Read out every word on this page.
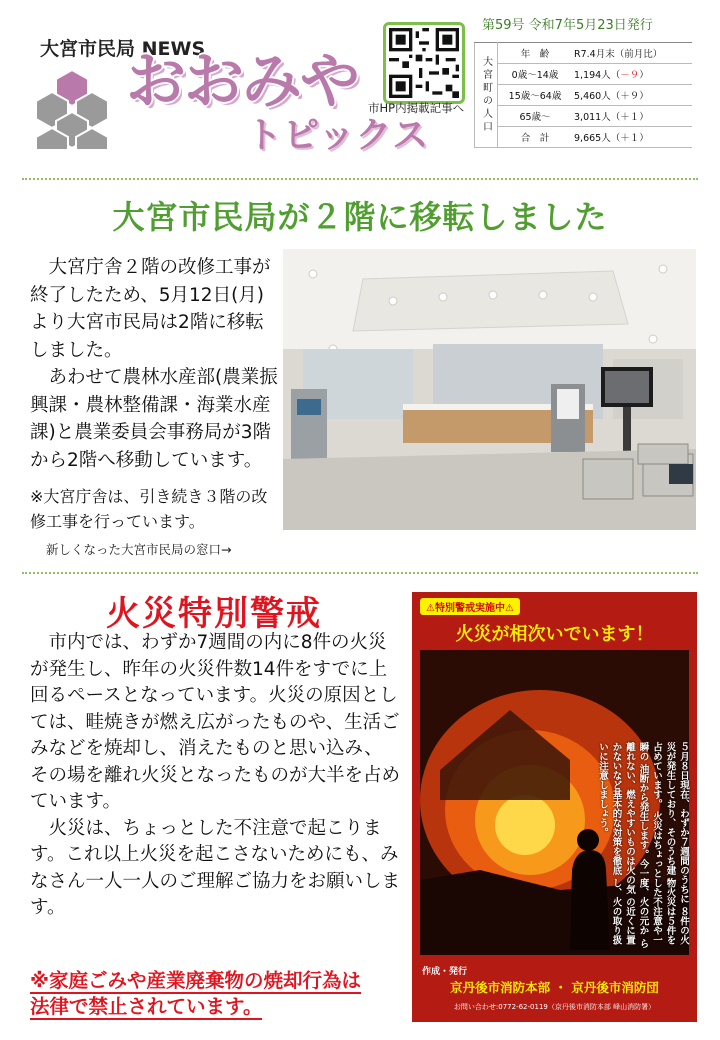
大宮市民局 NEWS
おおみや
トピックス
市HP内掲載記事へ
第59号 令和7年5月23日発行
大宮町の人口	年　齢	R7.4月末（前月比）
	0歳～14歳	1,194人（－９）
	15歳～64歳	5,460人（＋９）
	65歳～	3,011人（＋１）
	合　計	9,665人（＋１）
大宮市民局が２階に移転しました

大宮庁舎２階の改修工事が終了したため、5月12日(月)より大宮市民局は2階に移転しました。

あわせて農林水産部(農業振興課・農林整備課・海業水産課)と農業委員会事務局が3階から2階へ移動しています。

※大宮庁舎は、引き続き３階の改修工事を行っています。
新しくなった大宮市民局の窓口→
火災特別警戒

市内では、わずか7週間の内に8件の火災が発生し、昨年の火災件数14件をすでに上回るペースとなっています。火災の原因としては、畦焼きが燃え広がったものや、生活ごみなどを焼却し、消えたものと思い込み、その場を離れ火災となったものが大半を占めています。

火災は、ちょっとした不注意で起こります。これ以上火災を起こさないためにも、みなさん一人一人のご理解ご協力をお願いします。

※家庭ごみや産業廃棄物の焼却行為は
法律で禁止されています。
⚠特別警戒実施中⚠
火災が相次いでいます！
５月８日現在、わずか７週間のうちに ８件の火災が発生しており、そのうち建 物火災は５件を占めています。 火災はちょっとした不注意や一瞬の 油断から発生します。今一度、火の元か ら離れない、燃えやすいものは火の気 の近くに置かないなど基本的な対策を徹底 し、火の取り扱いに注意しましょう。
作成・発行
京丹後市消防本部 ・ 京丹後市消防団
お問い合わせ:0772-62-0119（京丹後市消防本部 峰山消防署）
